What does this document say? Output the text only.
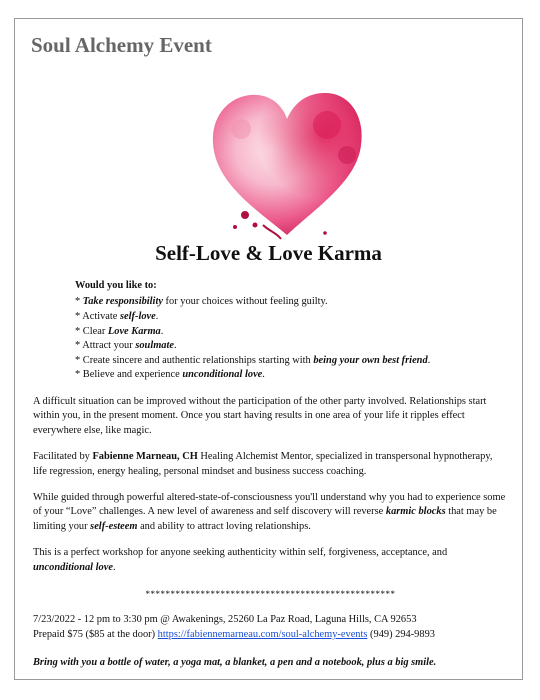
Soul Alchemy Event
Self-Love & Love Karma

Would you like to:

* Take responsibility for your choices without feeling guilty.
* Activate self-love.
* Clear Love Karma.
* Attract your soulmate.
* Create sincere and authentic relationships starting with being your own best friend.
* Believe and experience unconditional love.

A difficult situation can be improved without the participation of the other party involved. Relationships start within you, in the present moment. Once you start having results in one area of your life it ripples effect everywhere else, like magic.

Facilitated by Fabienne Marneau, CH Healing Alchemist Mentor, specialized in transpersonal hypnotherapy, life regression, energy healing, personal mindset and business success coaching.

While guided through powerful altered-state-of-consciousness you'll understand why you had to experience some of your “Love” challenges. A new level of awareness and self discovery will reverse karmic blocks that may be limiting your self-esteem and ability to attract loving relationships.

This is a perfect workshop for anyone seeking authenticity within self, forgiveness, acceptance, and unconditional love.

**************************************************

7/23/2022 - 12 pm to 3:30 pm @ Awakenings, 25260 La Paz Road, Laguna Hills, CA 92653
Prepaid $75 ($85 at the door) https://fabiennemarneau.com/soul-alchemy-events (949) 294-9893

Bring with you a bottle of water, a yoga mat, a blanket, a pen and a notebook, plus a big smile.
